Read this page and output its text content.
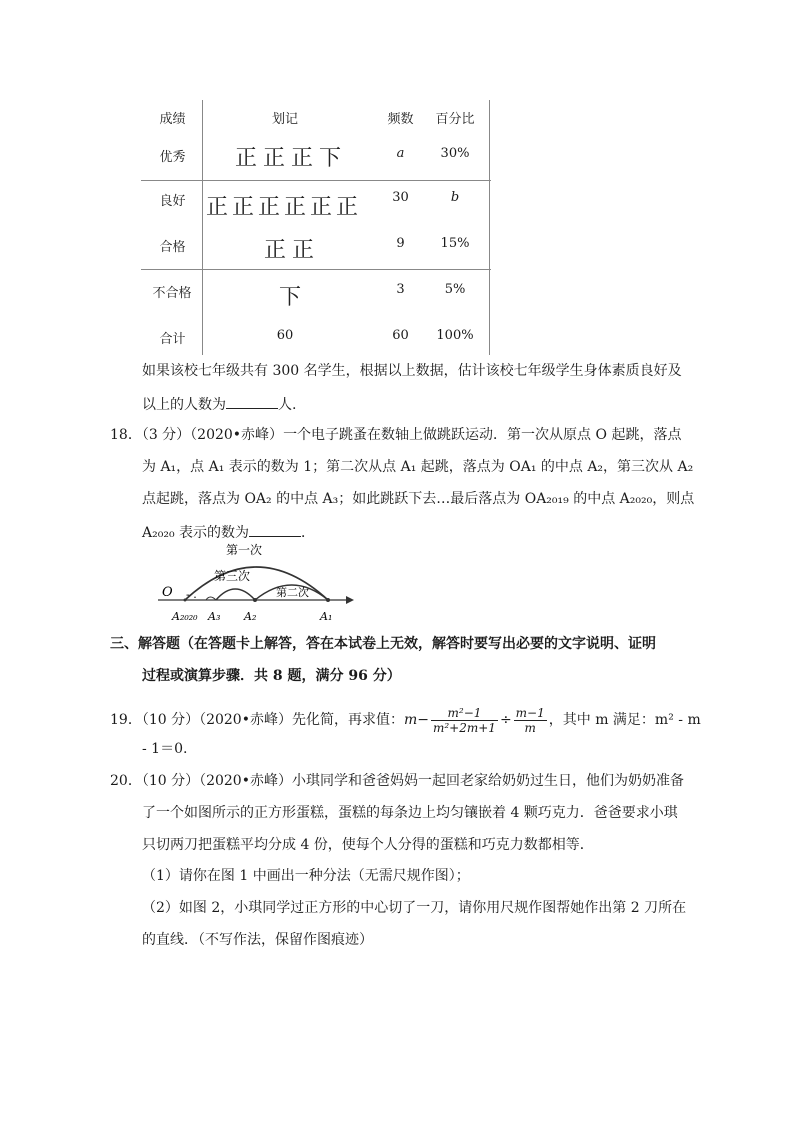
成绩	划记	频数	百分比
优秀	正正正下	a	30%
良好 正正正正正正	30	b
合格	正正	9	15%
不合格	下	3	5%
合计	60	60	100%
如果该校七年级共有 300 名学生，根据以上数据，估计该校七年级学生身体素质良好及
以上的人数为	人.
18．（3 分）（2020•赤峰）一个电子跳蚤在数轴上做跳跃运动．第一次从原点 O 起跳，落点
为 A₁，点 A₁ 表示的数为 1；第二次从点 A₁ 起跳，落点为 OA₁ 的中点 A₂，第三次从 A₂
点起跳，落点为 OA₂ 的中点 A₃；如此跳跃下去…最后落点为 OA₂₀₁₉ 的中点 A₂₀₂₀，则点
A₂₀₂₀ 表示的数为	．
第一次
第三次
第二次
O - .
A₂₀₂₀ A₃ A₂	A₁
三、解答题（在答题卡上解答，答在本试卷上无效，解答时要写出必要的文字说明、证明
过程或演算步骤．共 8 题，满分 96 分）
19．（10 分）（2020•赤峰）先化简，再求值：$m- \frac{\text{m²−1}}{\text{m²+2m+1}} \div \frac{m-1}{m}$ ，其中 m 满足：m² - m
- 1＝0.
20．（10 分）（2020•赤峰）小琪同学和爸爸妈妈一起回老家给奶奶过生日，他们为奶奶准备
了一个如图所示的正方形蛋糕，蛋糕的每条边上均匀镶嵌着 4 颗巧克力．爸爸要求小琪
只切两刀把蛋糕平均分成 4 份，使每个人分得的蛋糕和巧克力数都相等．
（1）请你在图 1 中画出一种分法（无需尺规作图）；
（2）如图 2，小琪同学过正方形的中心切了一刀，请你用尺规作图帮她作出第 2 刀所在
的直线．（不写作法，保留作图痕迹）
